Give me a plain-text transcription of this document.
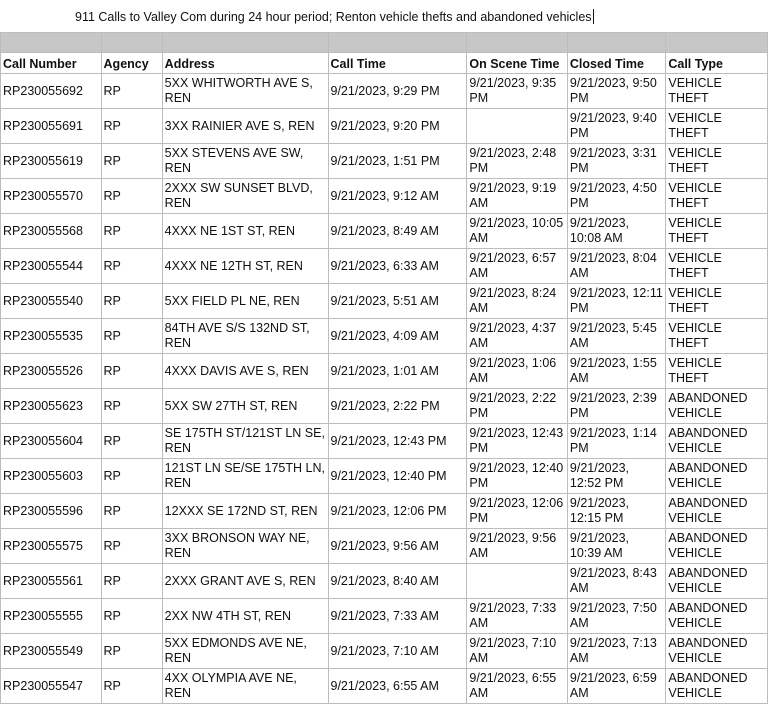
911 Calls to Valley Com during 24 hour period; Renton vehicle thefts and abandoned vehicles

Call Number	Agency	Address	Call Time	On Scene Time	Closed Time	Call Type
RP230055692	RP	5XX WHITWORTH AVE S, REN	9/21/2023, 9:29 PM	9/21/2023, 9:35 PM	9/21/2023, 9:50 PM	VEHICLE THEFT
RP230055691	RP	3XX RAINIER AVE S, REN	9/21/2023, 9:20 PM		9/21/2023, 9:40 PM	VEHICLE THEFT
RP230055619	RP	5XX STEVENS AVE SW, REN	9/21/2023, 1:51 PM	9/21/2023, 2:48 PM	9/21/2023, 3:31 PM	VEHICLE THEFT
RP230055570	RP	2XXX SW SUNSET BLVD, REN	9/21/2023, 9:12 AM	9/21/2023, 9:19 AM	9/21/2023, 4:50 PM	VEHICLE THEFT
RP230055568	RP	4XXX NE 1ST ST, REN	9/21/2023, 8:49 AM	9/21/2023, 10:05 AM	9/21/2023, 10:08 AM	VEHICLE THEFT
RP230055544	RP	4XXX NE 12TH ST, REN	9/21/2023, 6:33 AM	9/21/2023, 6:57 AM	9/21/2023, 8:04 AM	VEHICLE THEFT
RP230055540	RP	5XX FIELD PL NE, REN	9/21/2023, 5:51 AM	9/21/2023, 8:24 AM	9/21/2023, 12:11 PM	VEHICLE THEFT
RP230055535	RP	84TH AVE S/S 132ND ST, REN	9/21/2023, 4:09 AM	9/21/2023, 4:37 AM	9/21/2023, 5:45 AM	VEHICLE THEFT
RP230055526	RP	4XXX DAVIS AVE S, REN	9/21/2023, 1:01 AM	9/21/2023, 1:06 AM	9/21/2023, 1:55 AM	VEHICLE THEFT
RP230055623	RP	5XX SW 27TH ST, REN	9/21/2023, 2:22 PM	9/21/2023, 2:22 PM	9/21/2023, 2:39 PM	ABANDONED VEHICLE
RP230055604	RP	SE 175TH ST/121ST LN SE, REN	9/21/2023, 12:43 PM	9/21/2023, 12:43 PM	9/21/2023, 1:14 PM	ABANDONED VEHICLE
RP230055603	RP	121ST LN SE/SE 175TH LN, REN	9/21/2023, 12:40 PM	9/21/2023, 12:40 PM	9/21/2023, 12:52 PM	ABANDONED VEHICLE
RP230055596	RP	12XXX SE 172ND ST, REN	9/21/2023, 12:06 PM	9/21/2023, 12:06 PM	9/21/2023, 12:15 PM	ABANDONED VEHICLE
RP230055575	RP	3XX BRONSON WAY NE, REN	9/21/2023, 9:56 AM	9/21/2023, 9:56 AM	9/21/2023, 10:39 AM	ABANDONED VEHICLE
RP230055561	RP	2XXX GRANT AVE S, REN	9/21/2023, 8:40 AM		9/21/2023, 8:43 AM	ABANDONED VEHICLE
RP230055555	RP	2XX NW 4TH ST, REN	9/21/2023, 7:33 AM	9/21/2023, 7:33 AM	9/21/2023, 7:50 AM	ABANDONED VEHICLE
RP230055549	RP	5XX EDMONDS AVE NE, REN	9/21/2023, 7:10 AM	9/21/2023, 7:10 AM	9/21/2023, 7:13 AM	ABANDONED VEHICLE
RP230055547	RP	4XX OLYMPIA AVE NE, REN	9/21/2023, 6:55 AM	9/21/2023, 6:55 AM	9/21/2023, 6:59 AM	ABANDONED VEHICLE
